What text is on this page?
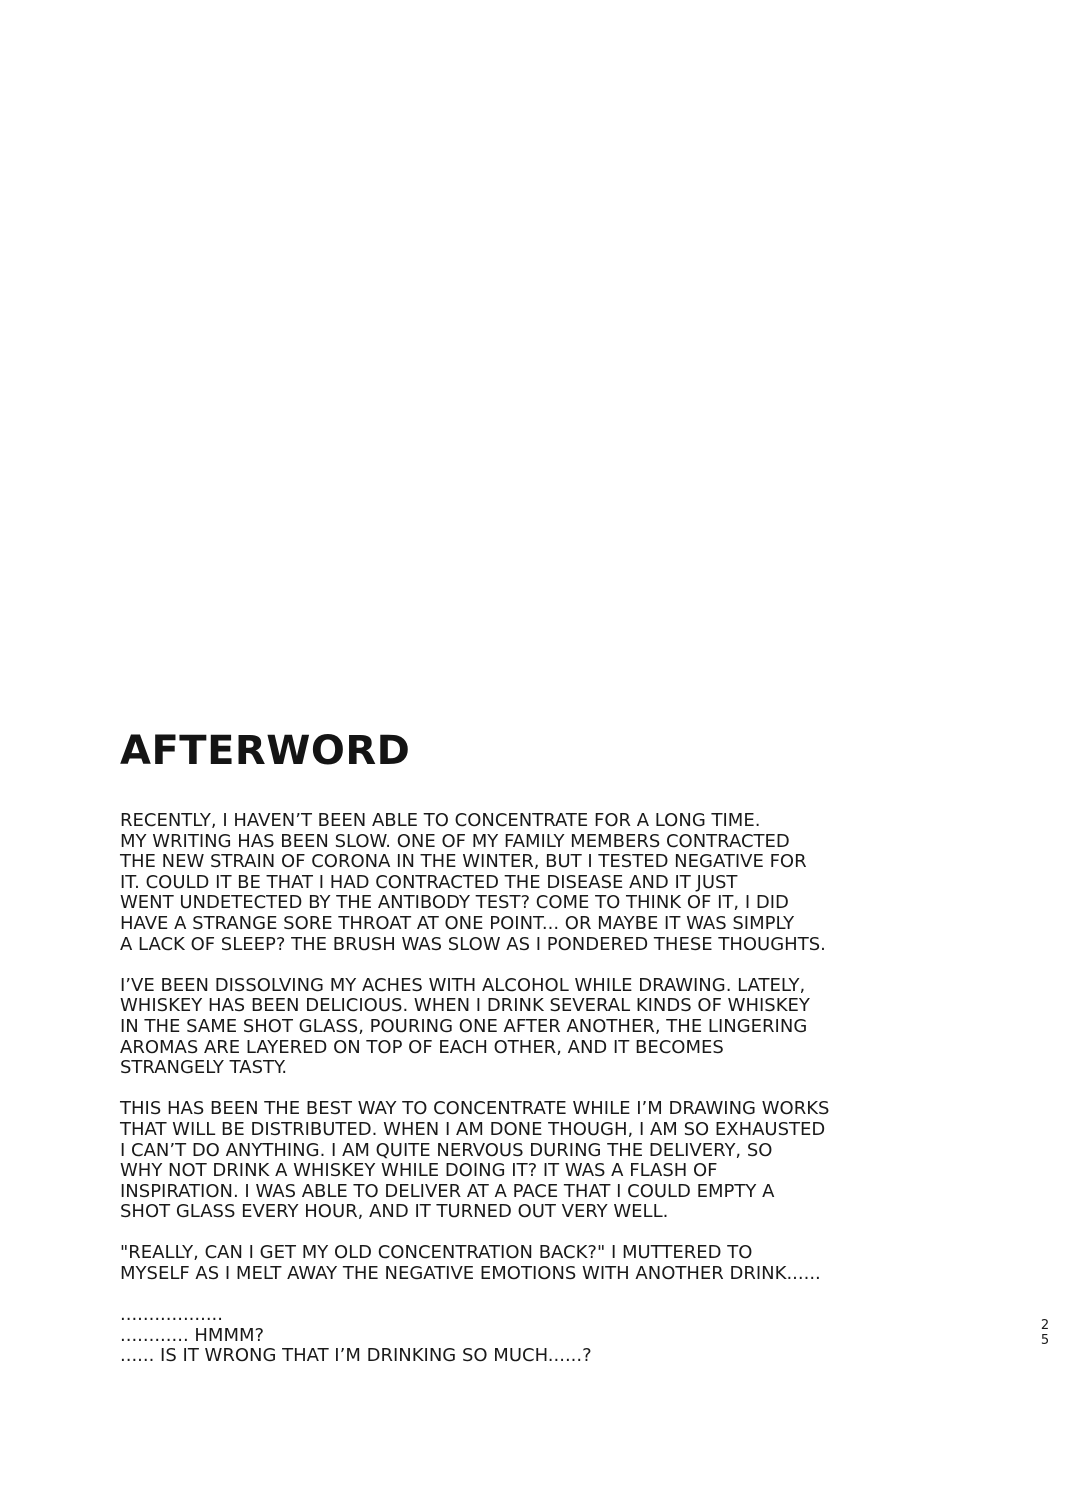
AFTERWORD

RECENTLY, I HAVEN’T BEEN ABLE TO CONCENTRATE FOR A LONG TIME.
MY WRITING HAS BEEN SLOW. ONE OF MY FAMILY MEMBERS CONTRACTED
THE NEW STRAIN OF CORONA IN THE WINTER, BUT I TESTED NEGATIVE FOR
IT. COULD IT BE THAT I HAD CONTRACTED THE DISEASE AND IT JUST
WENT UNDETECTED BY THE ANTIBODY TEST? COME TO THINK OF IT, I DID
HAVE A STRANGE SORE THROAT AT ONE POINT... OR MAYBE IT WAS SIMPLY
A LACK OF SLEEP? THE BRUSH WAS SLOW AS I PONDERED THESE THOUGHTS.

I’VE BEEN DISSOLVING MY ACHES WITH ALCOHOL WHILE DRAWING. LATELY,
WHISKEY HAS BEEN DELICIOUS. WHEN I DRINK SEVERAL KINDS OF WHISKEY
IN THE SAME SHOT GLASS, POURING ONE AFTER ANOTHER, THE LINGERING
AROMAS ARE LAYERED ON TOP OF EACH OTHER, AND IT BECOMES
STRANGELY TASTY.

THIS HAS BEEN THE BEST WAY TO CONCENTRATE WHILE I’M DRAWING WORKS
THAT WILL BE DISTRIBUTED. WHEN I AM DONE THOUGH, I AM SO EXHAUSTED
I CAN’T DO ANYTHING. I AM QUITE NERVOUS DURING THE DELIVERY, SO
WHY NOT DRINK A WHISKEY WHILE DOING IT? IT WAS A FLASH OF
INSPIRATION. I WAS ABLE TO DELIVER AT A PACE THAT I COULD EMPTY A
SHOT GLASS EVERY HOUR, AND IT TURNED OUT VERY WELL.

"REALLY, CAN I GET MY OLD CONCENTRATION BACK?" I MUTTERED TO
MYSELF AS I MELT AWAY THE NEGATIVE EMOTIONS WITH ANOTHER DRINK......

..................
............ HMMM?
...... IS IT WRONG THAT I’M DRINKING SO MUCH......?

2
5
